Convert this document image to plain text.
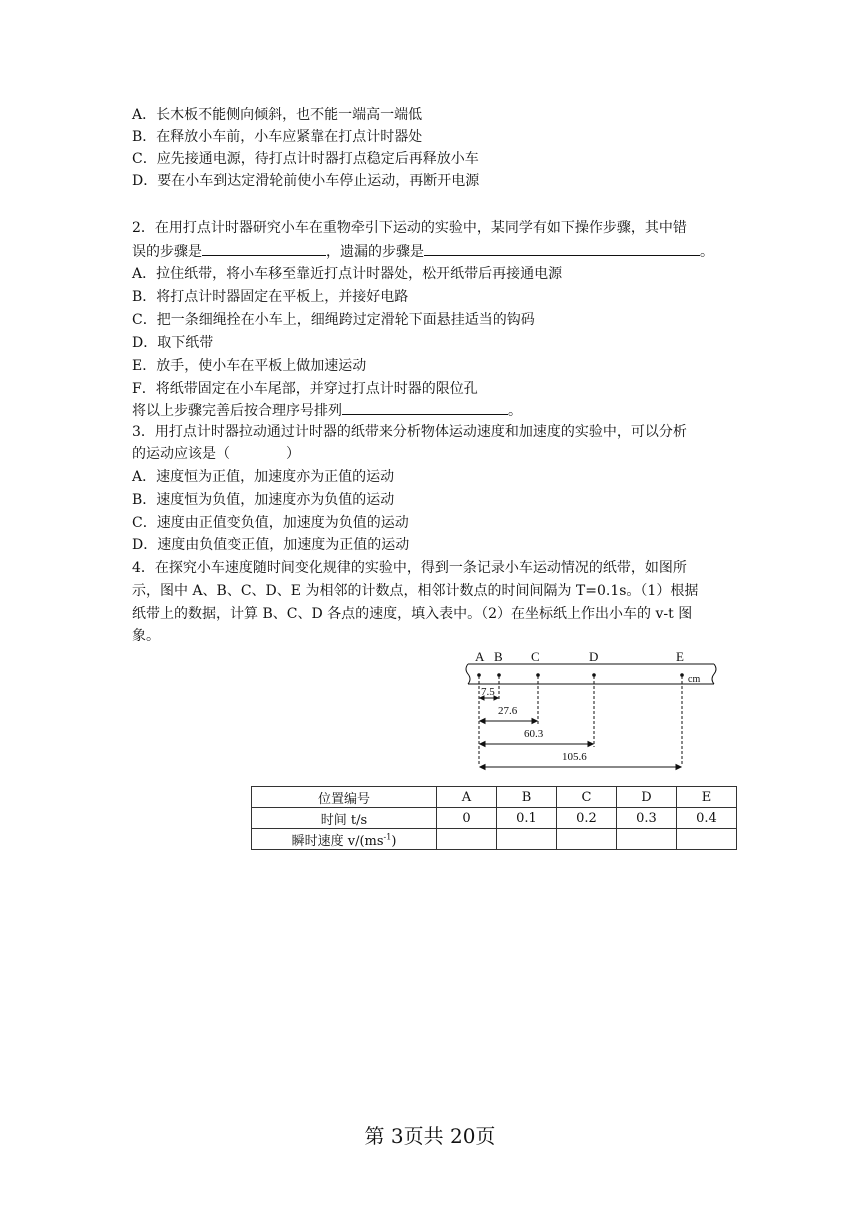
A．长木板不能侧向倾斜，也不能一端高一端低
B．在释放小车前，小车应紧靠在打点计时器处
C．应先接通电源，待打点计时器打点稳定后再释放小车
D．要在小车到达定滑轮前使小车停止运动，再断开电源
2．在用打点计时器研究小车在重物牵引下运动的实验中，某同学有如下操作步骤，其中错
误的步骤是	，遗漏的步骤是	。
A．拉住纸带，将小车移至靠近打点计时器处，松开纸带后再接通电源
B．将打点计时器固定在平板上，并接好电路
C．把一条细绳拴在小车上，细绳跨过定滑轮下面悬挂适当的钩码
D．取下纸带
E．放手，使小车在平板上做加速运动
F．将纸带固定在小车尾部，并穿过打点计时器的限位孔
将以上步骤完善后按合理序号排列	。
3．用打点计时器拉动通过计时器的纸带来分析物体运动速度和加速度的实验中，可以分析
的运动应该是（　　　　）
A．速度恒为正值，加速度亦为正值的运动
B．速度恒为负值，加速度亦为负值的运动
C．速度由正值变负值，加速度为负值的运动
D．速度由负值变正值，加速度为正值的运动
4．在探究小车速度随时间变化规律的实验中，得到一条记录小车运动情况的纸带，如图所
示，图中 A、B、C、D、E 为相邻的计数点，相邻计数点的时间间隔为 T=0.1s。（1）根据
纸带上的数据，计算 B、C、D 各点的速度，填入表中。（2）在坐标纸上作出小车的 v-t 图
象。
A B C	D	E
cm
7.5
27.6
60.3
105.6
位置编号	A	B	C	D	E
时间 t/s	0	0.1	0.2	0.3	0.4
瞬时速度 $v/(ms^{-1})$					
第 3页共 20页
